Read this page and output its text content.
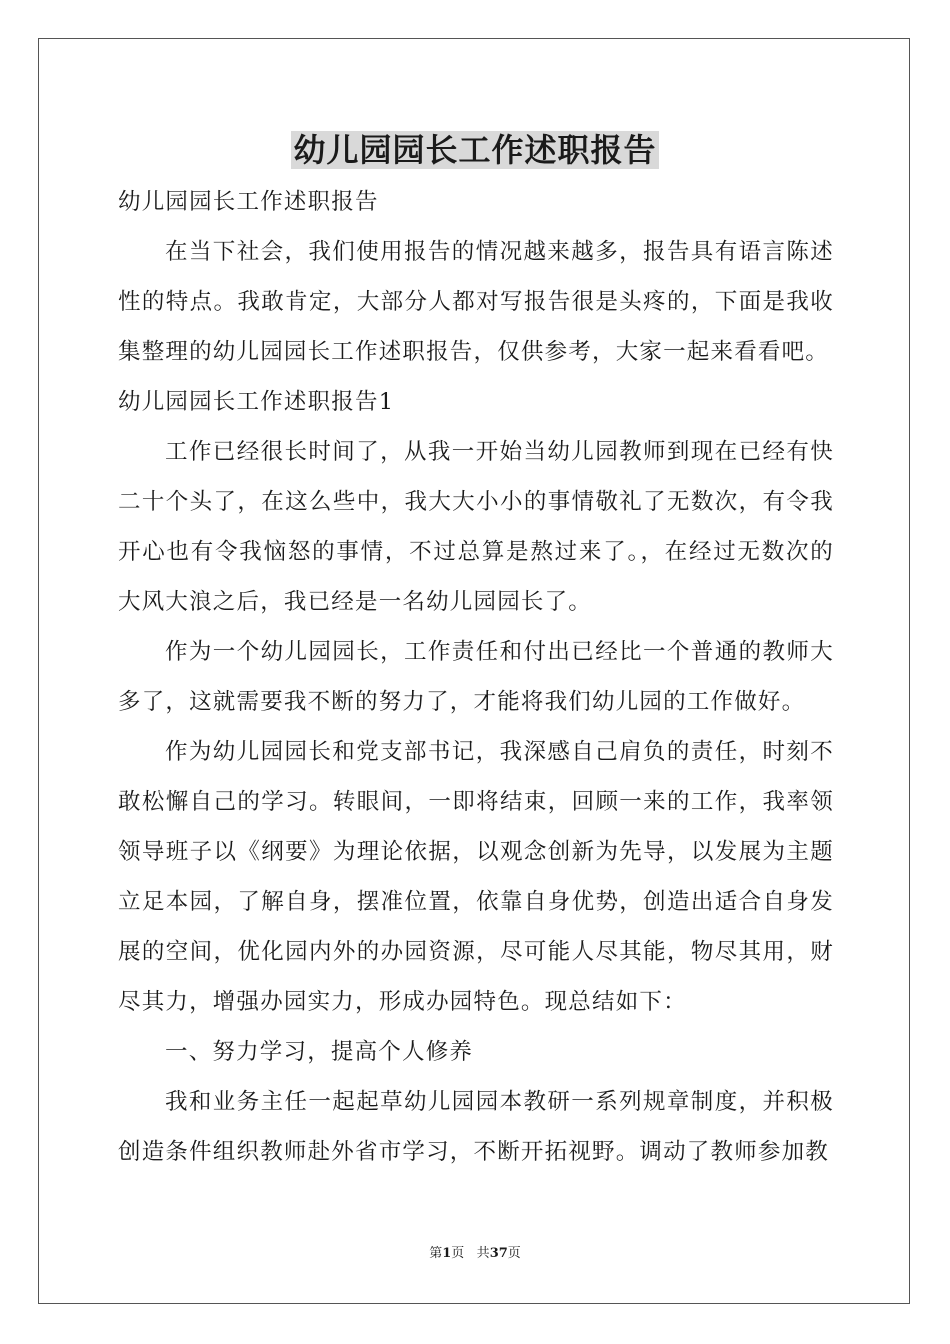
幼儿园园长工作述职报告

幼儿园园长工作述职报告

在当下社会，我们使用报告的情况越来越多，报告具有语言陈述性的特点。我敢肯定，大部分人都对写报告很是头疼的，下面是我收集整理的幼儿园园长工作述职报告，仅供参考，大家一起来看看吧。

幼儿园园长工作述职报告1

工作已经很长时间了，从我一开始当幼儿园教师到现在已经有快二十个头了，在这么些中，我大大小小的事情敬礼了无数次，有令我开心也有令我恼怒的事情，不过总算是熬过来了。，在经过无数次的大风大浪之后，我已经是一名幼儿园园长了。

作为一个幼儿园园长，工作责任和付出已经比一个普通的教师大多了，这就需要我不断的努力了，才能将我们幼儿园的工作做好。

作为幼儿园园长和党支部书记，我深感自己肩负的责任，时刻不敢松懈自己的学习。转眼间，一即将结束，回顾一来的工作，我率领领导班子以《纲要》为理论依据，以观念创新为先导，以发展为主题立足本园，了解自身，摆准位置，依靠自身优势，创造出适合自身发展的空间，优化园内外的办园资源，尽可能人尽其能，物尽其用，财尽其力，增强办园实力，形成办园特色。现总结如下：

一、努力学习，提高个人修养

我和业务主任一起起草幼儿园园本教研一系列规章制度，并积极创造条件组织教师赴外省市学习，不断开拓视野。调动了教师参加教

第1页 共37页
